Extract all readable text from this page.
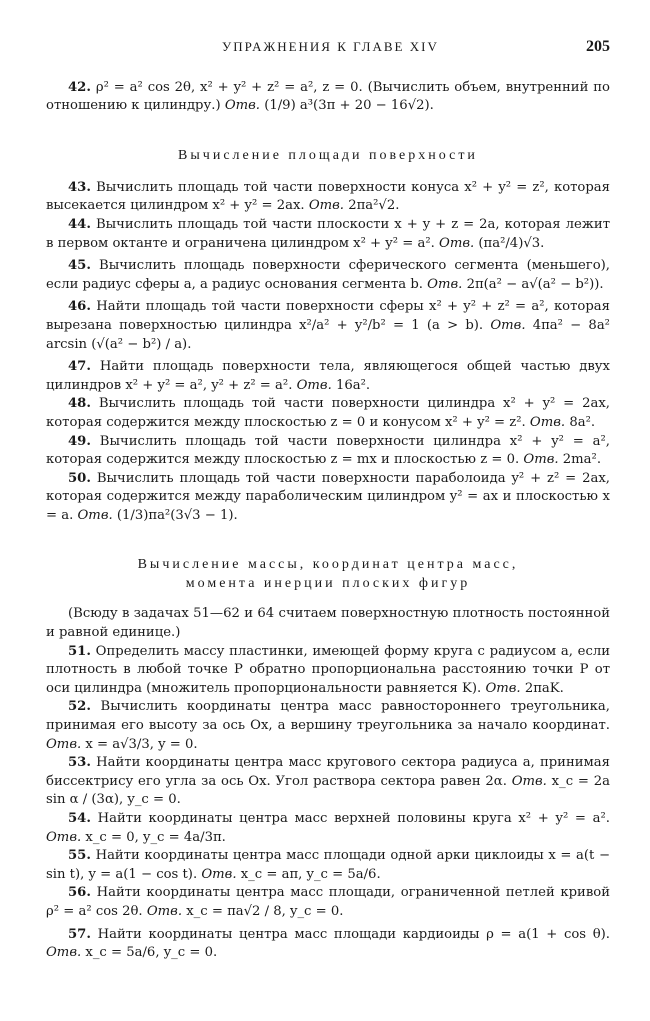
УПРАЖНЕНИЯ К ГЛАВЕ XIV	205

42. ρ² = a² cos 2θ, x² + y² + z² = a², z = 0. (Вычислить объем, внутренний по отношению к цилиндру.) Отв. (1/9) a³(3π + 20 − 16√2).

Вычисление площади поверхности

43. Вычислить площадь той части поверхности конуса x² + y² = z², которая высекается цилиндром x² + y² = 2ax. Отв. 2πa²√2.

44. Вычислить площадь той части плоскости x + y + z = 2a, которая лежит в первом октанте и ограничена цилиндром x² + y² = a². Отв. (πa²/4)√3.

45. Вычислить площадь поверхности сферического сегмента (меньшего), если радиус сферы a, а радиус основания сегмента b. Отв. 2π(a² − a√(a² − b²)).

46. Найти площадь той части поверхности сферы x² + y² + z² = a², которая вырезана поверхностью цилиндра x²/a² + y²/b² = 1 (a > b). Отв. 4πa² − 8a² arcsin (√(a² − b²) / a).

47. Найти площадь поверхности тела, являющегося общей частью двух цилиндров x² + y² = a², y² + z² = a². Отв. 16a².

48. Вычислить площадь той части поверхности цилиндра x² + y² = 2ax, которая содержится между плоскостью z = 0 и конусом x² + y² = z². Отв. 8a².

49. Вычислить площадь той части поверхности цилиндра x² + y² = a², которая содержится между плоскостью z = mx и плоскостью z = 0. Отв. 2ma².

50. Вычислить площадь той части поверхности параболоида y² + z² = 2ax, которая содержится между параболическим цилиндром y² = ax и плоскостью x = a. Отв. (1/3)πa²(3√3 − 1).

Вычисление массы, координат центра масс,
момента инерции плоских фигур

(Всюду в задачах 51—62 и 64 считаем поверхностную плотность постоянной и равной единице.)

51. Определить массу пластинки, имеющей форму круга с радиусом a, если плотность в любой точке P обратно пропорциональна расстоянию точки P от оси цилиндра (множитель пропорциональности равняется K). Отв. 2πaK.

52. Вычислить координаты центра масс равностороннего треугольника, принимая его высоту за ось Ox, а вершину треугольника за начало координат. Отв. x = a√3/3, y = 0.

53. Найти координаты центра масс кругового сектора радиуса a, принимая биссектрису его угла за ось Ox. Угол раствора сектора равен 2α. Отв. x_c = 2a sin α / (3α), y_c = 0.

54. Найти координаты центра масс верхней половины круга x² + y² = a². Отв. x_c = 0, y_c = 4a/3π.

55. Найти координаты центра масс площади одной арки циклоиды x = a(t − sin t), y = a(1 − cos t). Отв. x_c = aπ, y_c = 5a/6.

56. Найти координаты центра масс площади, ограниченной петлей кривой ρ² = a² cos 2θ. Отв. x_c = πa√2 / 8, y_c = 0.

57. Найти координаты центра масс площади кардиоиды ρ = a(1 + cos θ). Отв. x_c = 5a/6, y_c = 0.
